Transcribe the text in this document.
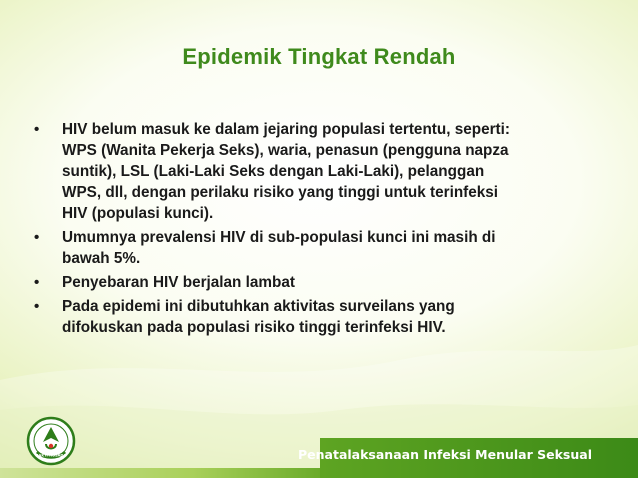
Epidemik Tingkat Rendah
• HIV belum masuk ke dalam jejaring populasi tertentu, seperti:
WPS (Wanita Pekerja Seks), waria, penasun (pengguna napza
suntik), LSL (Laki-Laki Seks dengan Laki-Laki), pelanggan
WPS, dll, dengan perilaku risiko yang tinggi untuk terinfeksi
HIV (populasi kunci).
• Umumnya prevalensi HIV di sub-populasi kunci ini masih di
bawah 5%.
• Penyebaran HIV berjalan lambat
• Pada epidemi ini dibutuhkan aktivitas surveilans yang
difokuskan pada populasi risiko tinggi terinfeksi HIV.
Penatalaksanaan Infeksi Menular Seksual
BAKTI HUSADA
